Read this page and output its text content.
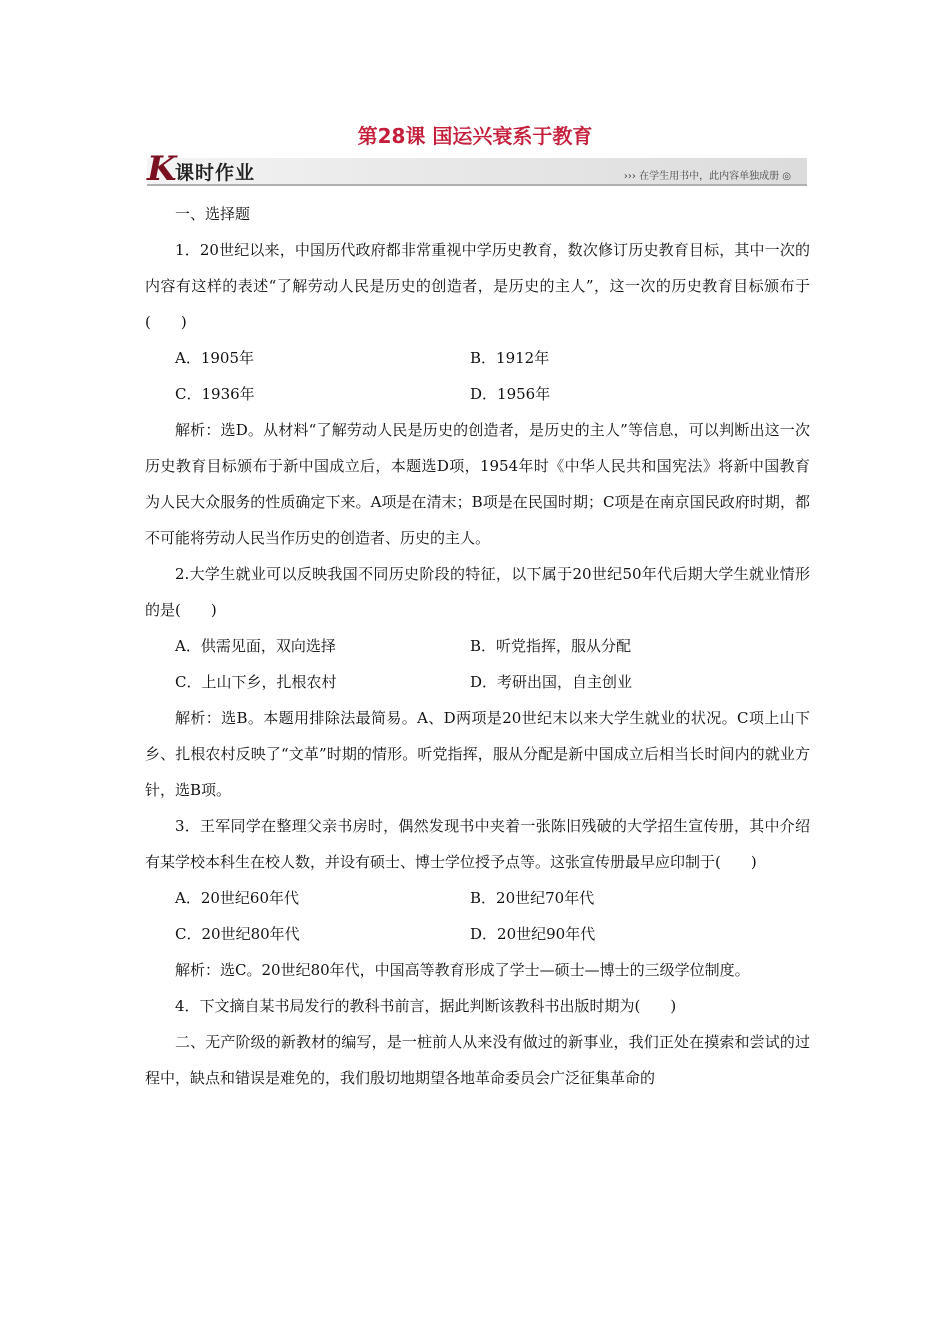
第28课 国运兴衰系于教育
K
课时作业	››› 在学生用书中，此内容单独成册 ◎

一、选择题

1．20世纪以来，中国历代政府都非常重视中学历史教育，数次修订历史教育目标，其中一次的内容有这样的表述“了解劳动人民是历史的创造者，是历史的主人”，这一次的历史教育目标颁布于(　　)

A．1905年	B．1912年
C．1936年	D．1956年

解析：选D。从材料“了解劳动人民是历史的创造者，是历史的主人”等信息，可以判断出这一次历史教育目标颁布于新中国成立后，本题选D项，1954年时《中华人民共和国宪法》将新中国教育为人民大众服务的性质确定下来。A项是在清末；B项是在民国时期；C项是在南京国民政府时期，都不可能将劳动人民当作历史的创造者、历史的主人。

2.大学生就业可以反映我国不同历史阶段的特征，以下属于20世纪50年代后期大学生就业情形的是(　　)

A．供需见面，双向选择	B．听党指挥，服从分配
C．上山下乡，扎根农村	D．考研出国，自主创业

解析：选B。本题用排除法最简易。A、D两项是20世纪末以来大学生就业的状况。C项上山下乡、扎根农村反映了“文革”时期的情形。听党指挥，服从分配是新中国成立后相当长时间内的就业方针，选B项。

3．王军同学在整理父亲书房时，偶然发现书中夹着一张陈旧残破的大学招生宣传册，其中介绍有某学校本科生在校人数，并设有硕士、博士学位授予点等。这张宣传册最早应印制于(　　)

A．20世纪60年代	B．20世纪70年代
C．20世纪80年代	D．20世纪90年代

解析：选C。20世纪80年代，中国高等教育形成了学士—硕士—博士的三级学位制度。

4．下文摘自某书局发行的教科书前言，据此判断该教科书出版时期为(　　)

二、无产阶级的新教材的编写，是一桩前人从来没有做过的新事业，我们正处在摸索和尝试的过程中，缺点和错误是难免的，我们殷切地期望各地革命委员会广泛征集革命的
